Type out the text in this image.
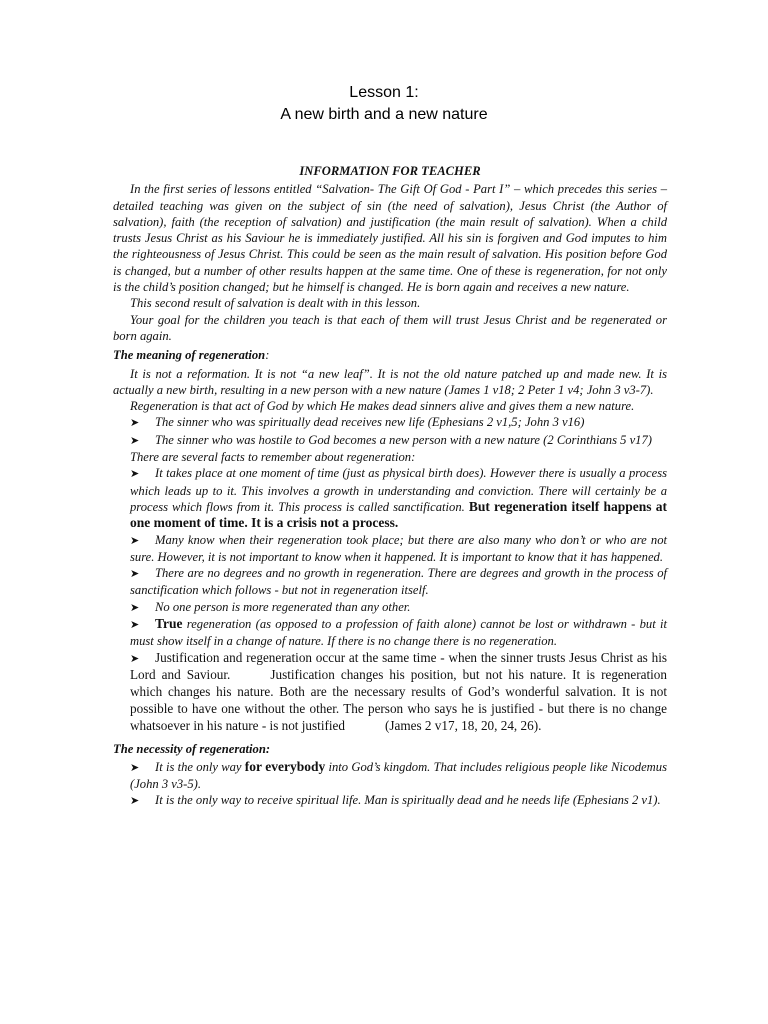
Lesson 1:
A new birth and a new nature

INFORMATION FOR TEACHER

In the first series of lessons entitled “Salvation- The Gift Of God - Part I” – which precedes this series – detailed teaching was given on the subject of sin (the need of salvation), Jesus Christ (the Author of salvation), faith (the reception of salvation) and justification (the main result of salvation). When a child trusts Jesus Christ as his Saviour he is immediately justified. All his sin is forgiven and God imputes to him the righteousness of Jesus Christ. This could be seen as the main result of salvation. His position before God is changed, but a number of other results happen at the same time. One of these is regeneration, for not only is the child’s position changed; but he himself is changed. He is born again and receives a new nature.

This second result of salvation is dealt with in this lesson.

Your goal for the children you teach is that each of them will trust Jesus Christ and be regenerated or born again.

The meaning of regeneration:

It is not a reformation. It is not “a new leaf”. It is not the old nature patched up and made new. It is actually a new birth, resulting in a new person with a new nature (James 1 v18; 2 Peter 1 v4; John 3 v3-7).

Regeneration is that act of God by which He makes dead sinners alive and gives them a new nature.

➤ The sinner who was spiritually dead receives new life (Ephesians 2 v1,5; John 3 v16)

➤ The sinner who was hostile to God becomes a new person with a new nature (2 Corinthians 5 v17)

There are several facts to remember about regeneration:

➤ It takes place at one moment of time (just as physical birth does). However there is usually a process which leads up to it. This involves a growth in understanding and conviction. There will certainly be a process which flows from it. This process is called sanctification. But regeneration itself happens at one moment of time. It is a crisis not a process.

➤ Many know when their regeneration took place; but there are also many who don’t or who are not sure. However, it is not important to know when it happened. It is important to know that it has happened.

➤ There are no degrees and no growth in regeneration. There are degrees and growth in the process of sanctification which follows - but not in regeneration itself.

➤ No one person is more regenerated than any other.

➤ True regeneration (as opposed to a profession of faith alone) cannot be lost or withdrawn - but it must show itself in a change of nature. If there is no change there is no regeneration.

➤ Justification and regeneration occur at the same time - when the sinner trusts Jesus Christ as his Lord and Saviour.	Justification changes his position, but not his nature. It is regeneration which changes his nature. Both are the necessary results of God’s wonderful salvation. It is not possible to have one without the other. The person who says he is justified - but there is no change whatsoever in his nature - is not justified	(James 2 v17, 18, 20, 24, 26).

The necessity of regeneration:

➤ It is the only way for everybody into God’s kingdom. That includes religious people like Nicodemus (John 3 v3-5).

➤ It is the only way to receive spiritual life. Man is spiritually dead and he needs life (Ephesians 2 v1).
